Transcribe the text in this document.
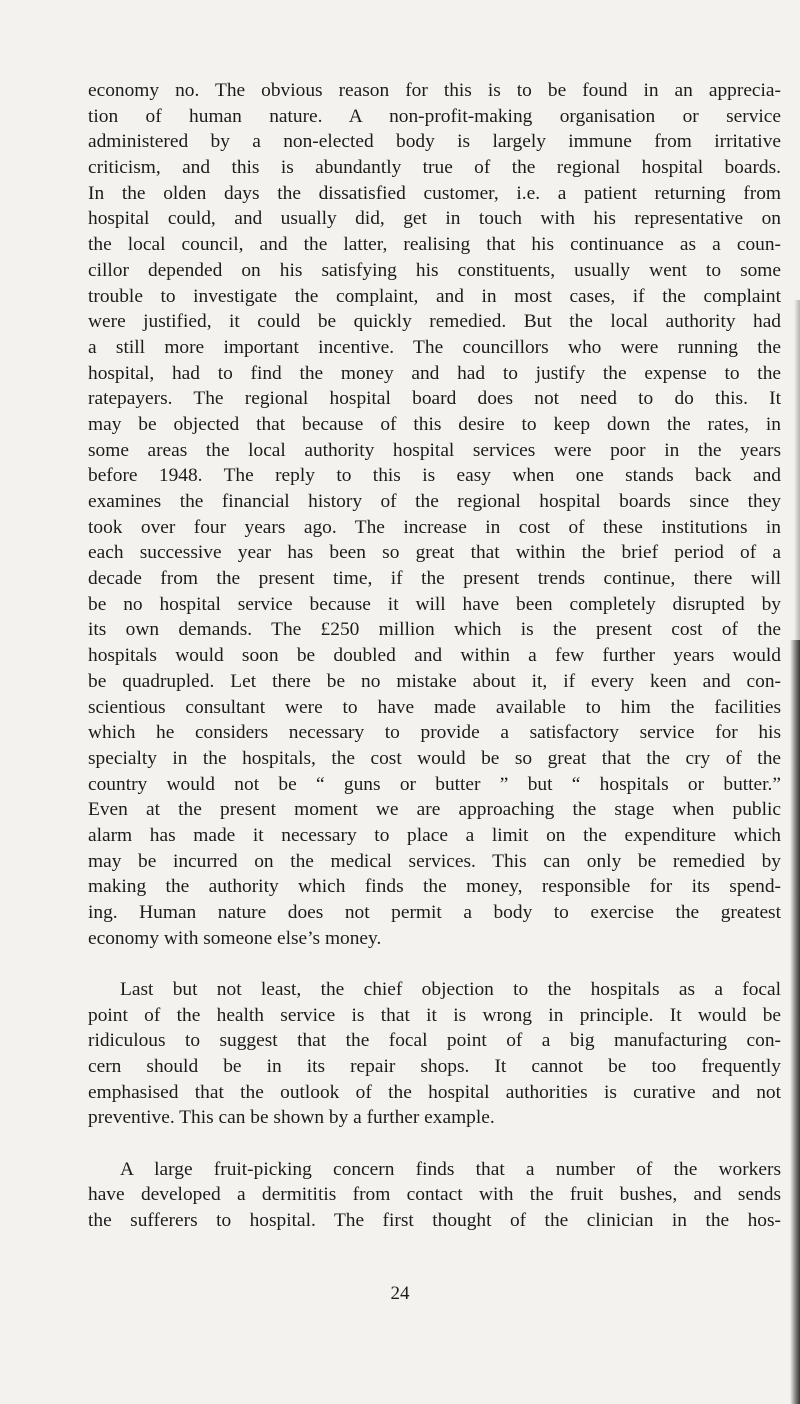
economy no. The obvious reason for this is to be found in an apprecia-
tion of human nature. A non-profit-making organisation or service
administered by a non-elected body is largely immune from irritative
criticism, and this is abundantly true of the regional hospital boards.
In the olden days the dissatisfied customer, i.e. a patient returning from
hospital could, and usually did, get in touch with his representative on
the local council, and the latter, realising that his continuance as a coun-
cillor depended on his satisfying his constituents, usually went to some
trouble to investigate the complaint, and in most cases, if the complaint
were justified, it could be quickly remedied. But the local authority had
a still more important incentive. The councillors who were running the
hospital, had to find the money and had to justify the expense to the
ratepayers. The regional hospital board does not need to do this. It
may be objected that because of this desire to keep down the rates, in
some areas the local authority hospital services were poor in the years
before 1948. The reply to this is easy when one stands back and
examines the financial history of the regional hospital boards since they
took over four years ago. The increase in cost of these institutions in
each successive year has been so great that within the brief period of a
decade from the present time, if the present trends continue, there will
be no hospital service because it will have been completely disrupted by
its own demands. The £250 million which is the present cost of the
hospitals would soon be doubled and within a few further years would
be quadrupled. Let there be no mistake about it, if every keen and con-
scientious consultant were to have made available to him the facilities
which he considers necessary to provide a satisfactory service for his
specialty in the hospitals, the cost would be so great that the cry of the
country would not be “ guns or butter ” but “ hospitals or butter.”
Even at the present moment we are approaching the stage when public
alarm has made it necessary to place a limit on the expenditure which
may be incurred on the medical services. This can only be remedied by
making the authority which finds the money, responsible for its spend-
ing. Human nature does not permit a body to exercise the greatest
economy with someone else’s money.
Last but not least, the chief objection to the hospitals as a focal
point of the health service is that it is wrong in principle. It would be
ridiculous to suggest that the focal point of a big manufacturing con-
cern should be in its repair shops. It cannot be too frequently
emphasised that the outlook of the hospital authorities is curative and not
preventive. This can be shown by a further example.
A large fruit-picking concern finds that a number of the workers
have developed a dermititis from contact with the fruit bushes, and sends
the sufferers to hospital. The first thought of the clinician in the hos-
24
